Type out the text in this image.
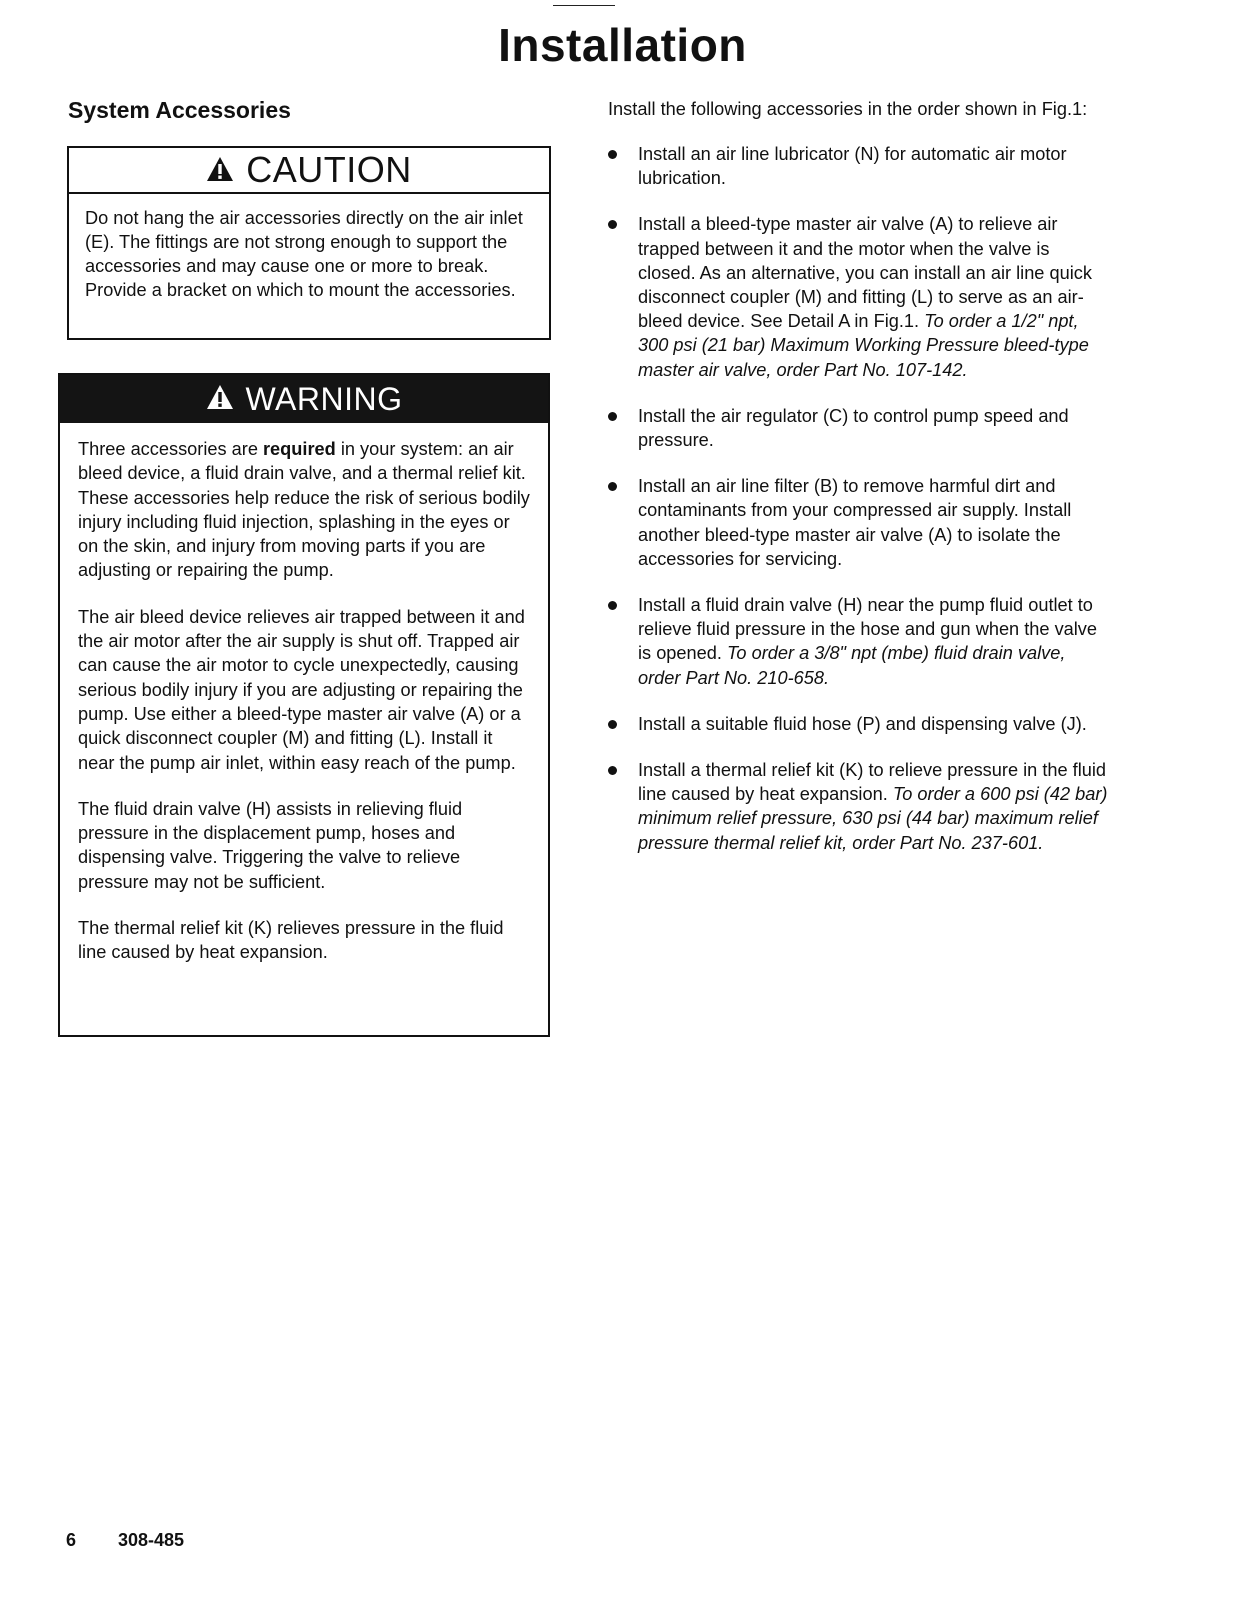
Installation
System Accessories
CAUTION

Do not hang the air accessories directly on the air inlet (E). The fittings are not strong enough to support the accessories and may cause one or more to break. Provide a bracket on which to mount the accessories.

WARNING

Three accessories are required in your system: an air bleed device, a fluid drain valve, and a thermal relief kit. These accessories help reduce the risk of serious bodily injury including fluid injection, splashing in the eyes or on the skin, and injury from moving parts if you are adjusting or repairing the pump.

The air bleed device relieves air trapped between it and the air motor after the air supply is shut off. Trapped air can cause the air motor to cycle unexpectedly, causing serious bodily injury if you are adjusting or repairing the pump. Use either a bleed-type master air valve (A) or a quick disconnect coupler (M) and fitting (L). Install it near the pump air inlet, within easy reach of the pump.

The fluid drain valve (H) assists in relieving fluid pressure in the displacement pump, hoses and dispensing valve. Triggering the valve to relieve pressure may not be sufficient.

The thermal relief kit (K) relieves pressure in the fluid line caused by heat expansion.

Install the following accessories in the order shown in Fig.1:

Install an air line lubricator (N) for automatic air motor lubrication.
Install a bleed-type master air valve (A) to relieve air trapped between it and the motor when the valve is closed. As an alternative, you can install an air line quick disconnect coupler (M) and fitting (L) to serve as an air-bleed device. See Detail A in Fig.1. To order a 1/2" npt, 300 psi (21 bar) Maximum Working Pressure bleed-type master air valve, order Part No. 107-142.
Install the air regulator (C) to control pump speed and pressure.
Install an air line filter (B) to remove harmful dirt and contaminants from your compressed air supply. Install another bleed-type master air valve (A) to isolate the accessories for servicing.
Install a fluid drain valve (H) near the pump fluid outlet to relieve fluid pressure in the hose and gun when the valve is opened. To order a 3/8" npt (mbe) fluid drain valve, order Part No. 210-658.
Install a suitable fluid hose (P) and dispensing valve (J).
Install a thermal relief kit (K) to relieve pressure in the fluid line caused by heat expansion. To order a 600 psi (42 bar) minimum relief pressure, 630 psi (44 bar) maximum relief pressure thermal relief kit, order Part No. 237-601.
6 308-485
